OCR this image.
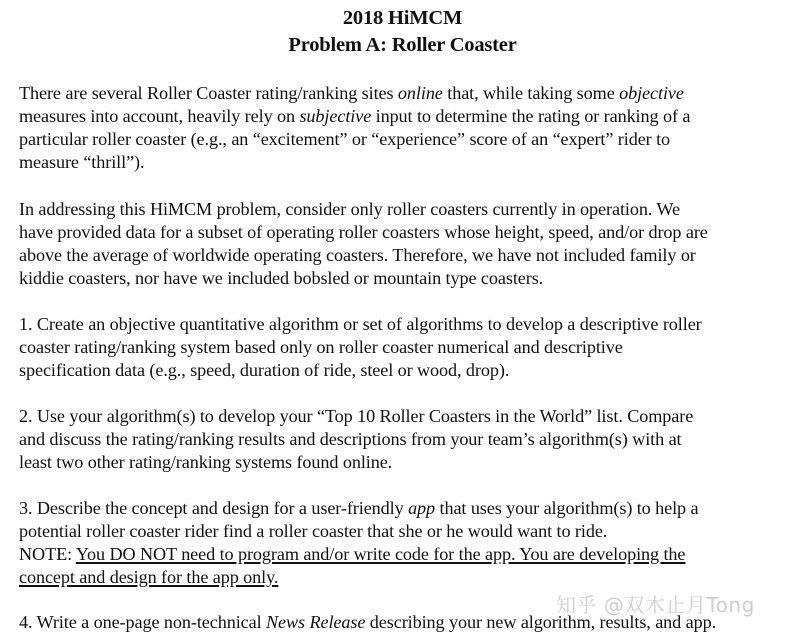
2018 HiMCM
Problem A: Roller Coaster

There are several Roller Coaster rating/ranking sites online that, while taking some objective
measures into account, heavily rely on subjective input to determine the rating or ranking of a
particular roller coaster (e.g., an “excitement” or “experience” score of an “expert” rider to
measure “thrill”).

In addressing this HiMCM problem, consider only roller coasters currently in operation. We
have provided data for a subset of operating roller coasters whose height, speed, and/or drop are
above the average of worldwide operating coasters. Therefore, we have not included family or
kiddie coasters, nor have we included bobsled or mountain type coasters.

1. Create an objective quantitative algorithm or set of algorithms to develop a descriptive roller
coaster rating/ranking system based only on roller coaster numerical and descriptive
specification data (e.g., speed, duration of ride, steel or wood, drop).

2. Use your algorithm(s) to develop your “Top 10 Roller Coasters in the World” list. Compare
and discuss the rating/ranking results and descriptions from your team’s algorithm(s) with at
least two other rating/ranking systems found online.

3. Describe the concept and design for a user-friendly app that uses your algorithm(s) to help a
potential roller coaster rider find a roller coaster that she or he would want to ride.
NOTE: You DO NOT need to program and/or write code for the app. You are developing the
concept and design for the app only.

4. Write a one-page non-technical News Release describing your new algorithm, results, and app.

知乎 @双木止月Tong
